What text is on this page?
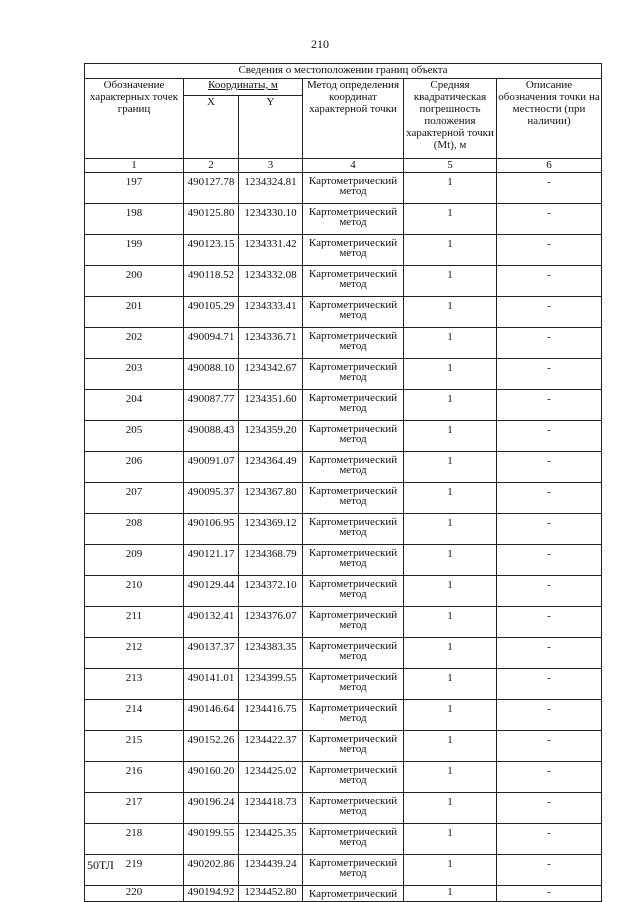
210
Сведения о местоположении границ объекта					
Обозначение характерных точек границ	Координаты, м		Метод определения координат характерной точки	Средняя квадратическая погрешность положения характерной точки (Mt), м	Описание обозначения точки на местности (при наличии)
	X	Y			
1	2	3	4	5	6
197	490127.78	1234324.81	Картометрический метод	1	-
198	490125.80	1234330.10	Картометрический метод	1	-
199	490123.15	1234331.42	Картометрический метод	1	-
200	490118.52	1234332.08	Картометрический метод	1	-
201	490105.29	1234333.41	Картометрический метод	1	-
202	490094.71	1234336.71	Картометрический метод	1	-
203	490088.10	1234342.67	Картометрический метод	1	-
204	490087.77	1234351.60	Картометрический метод	1	-
205	490088.43	1234359.20	Картометрический метод	1	-
206	490091.07	1234364.49	Картометрический метод	1	-
207	490095.37	1234367.80	Картометрический метод	1	-
208	490106.95	1234369.12	Картометрический метод	1	-
209	490121.17	1234368.79	Картометрический метод	1	-
210	490129.44	1234372.10	Картометрический метод	1	-
211	490132.41	1234376.07	Картометрический метод	1	-
212	490137.37	1234383.35	Картометрический метод	1	-
213	490141.01	1234399.55	Картометрический метод	1	-
214	490146.64	1234416.75	Картометрический метод	1	-
215	490152.26	1234422.37	Картометрический метод	1	-
216	490160.20	1234425.02	Картометрический метод	1	-
217	490196.24	1234418.73	Картометрический метод	1	-
218	490199.55	1234425.35	Картометрический метод	1	-
219	490202.86	1234439.24	Картометрический метод	1	-
220	490194.92	1234452.80	Картометрический	1	-
50ТЛ
